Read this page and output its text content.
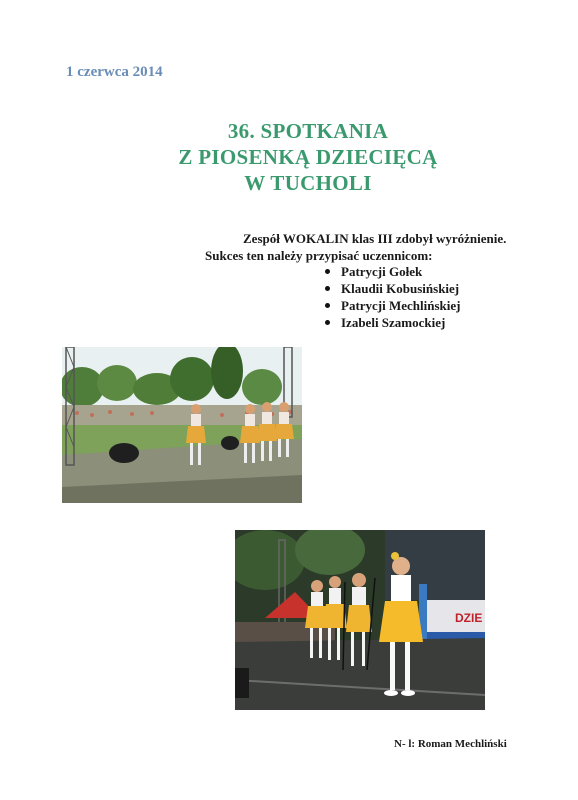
1 czerwca 2014
36. SPOTKANIA
Z PIOSENKĄ DZIECIĘCĄ
W TUCHOLI
Zespół WOKALIN klas III zdobył wyróżnienie.
Sukces ten należy przypisać uczennicom:
Patrycji Gołek
Klaudii Kobusińskiej
Patrycji Mechlińskiej
Izabeli Szamockiej
DZIE
N- l: Roman Mechliński
